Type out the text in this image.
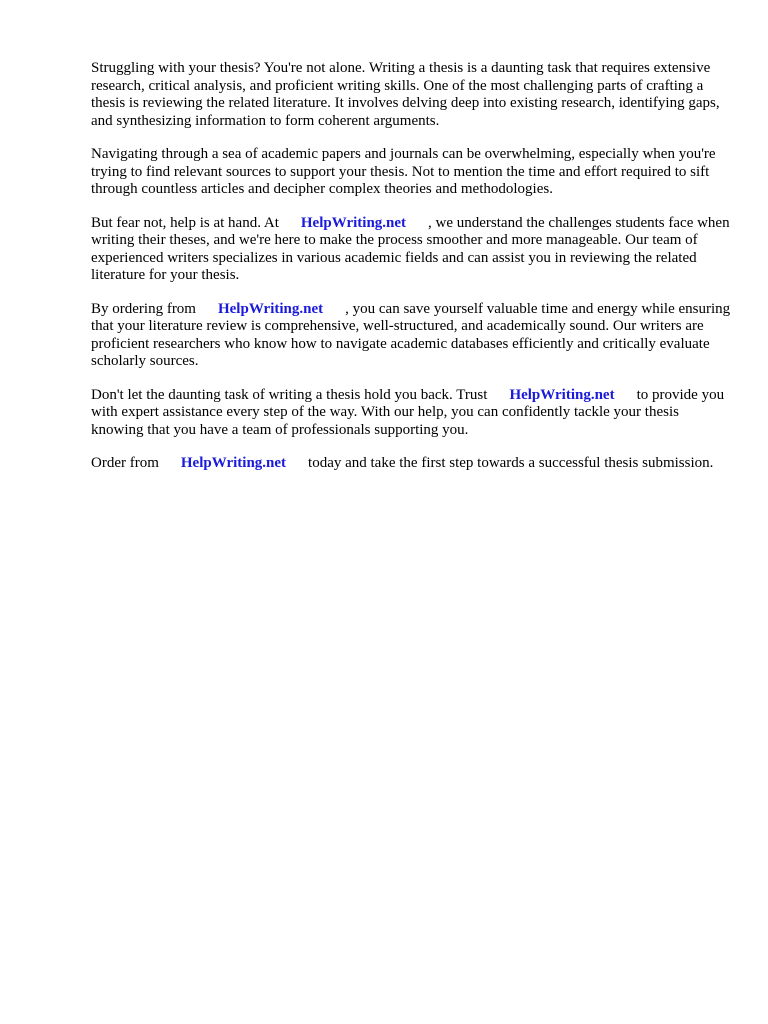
Struggling with your thesis? You're not alone. Writing a thesis is a daunting task that requires extensive research, critical analysis, and proficient writing skills. One of the most challenging parts of crafting a thesis is reviewing the related literature. It involves delving deep into existing research, identifying gaps, and synthesizing information to form coherent arguments.

Navigating through a sea of academic papers and journals can be overwhelming, especially when you're trying to find relevant sources to support your thesis. Not to mention the time and effort required to sift through countless articles and decipher complex theories and methodologies.

But fear not, help is at hand. At HelpWriting.net , we understand the challenges students face when writing their theses, and we're here to make the process smoother and more manageable. Our team of experienced writers specializes in various academic fields and can assist you in reviewing the related literature for your thesis.

By ordering from HelpWriting.net , you can save yourself valuable time and energy while ensuring that your literature review is comprehensive, well-structured, and academically sound. Our writers are proficient researchers who know how to navigate academic databases efficiently and critically evaluate scholarly sources.

Don't let the daunting task of writing a thesis hold you back. Trust HelpWriting.net to provide you with expert assistance every step of the way. With our help, you can confidently tackle your thesis knowing that you have a team of professionals supporting you.

Order from HelpWriting.net today and take the first step towards a successful thesis submission.
